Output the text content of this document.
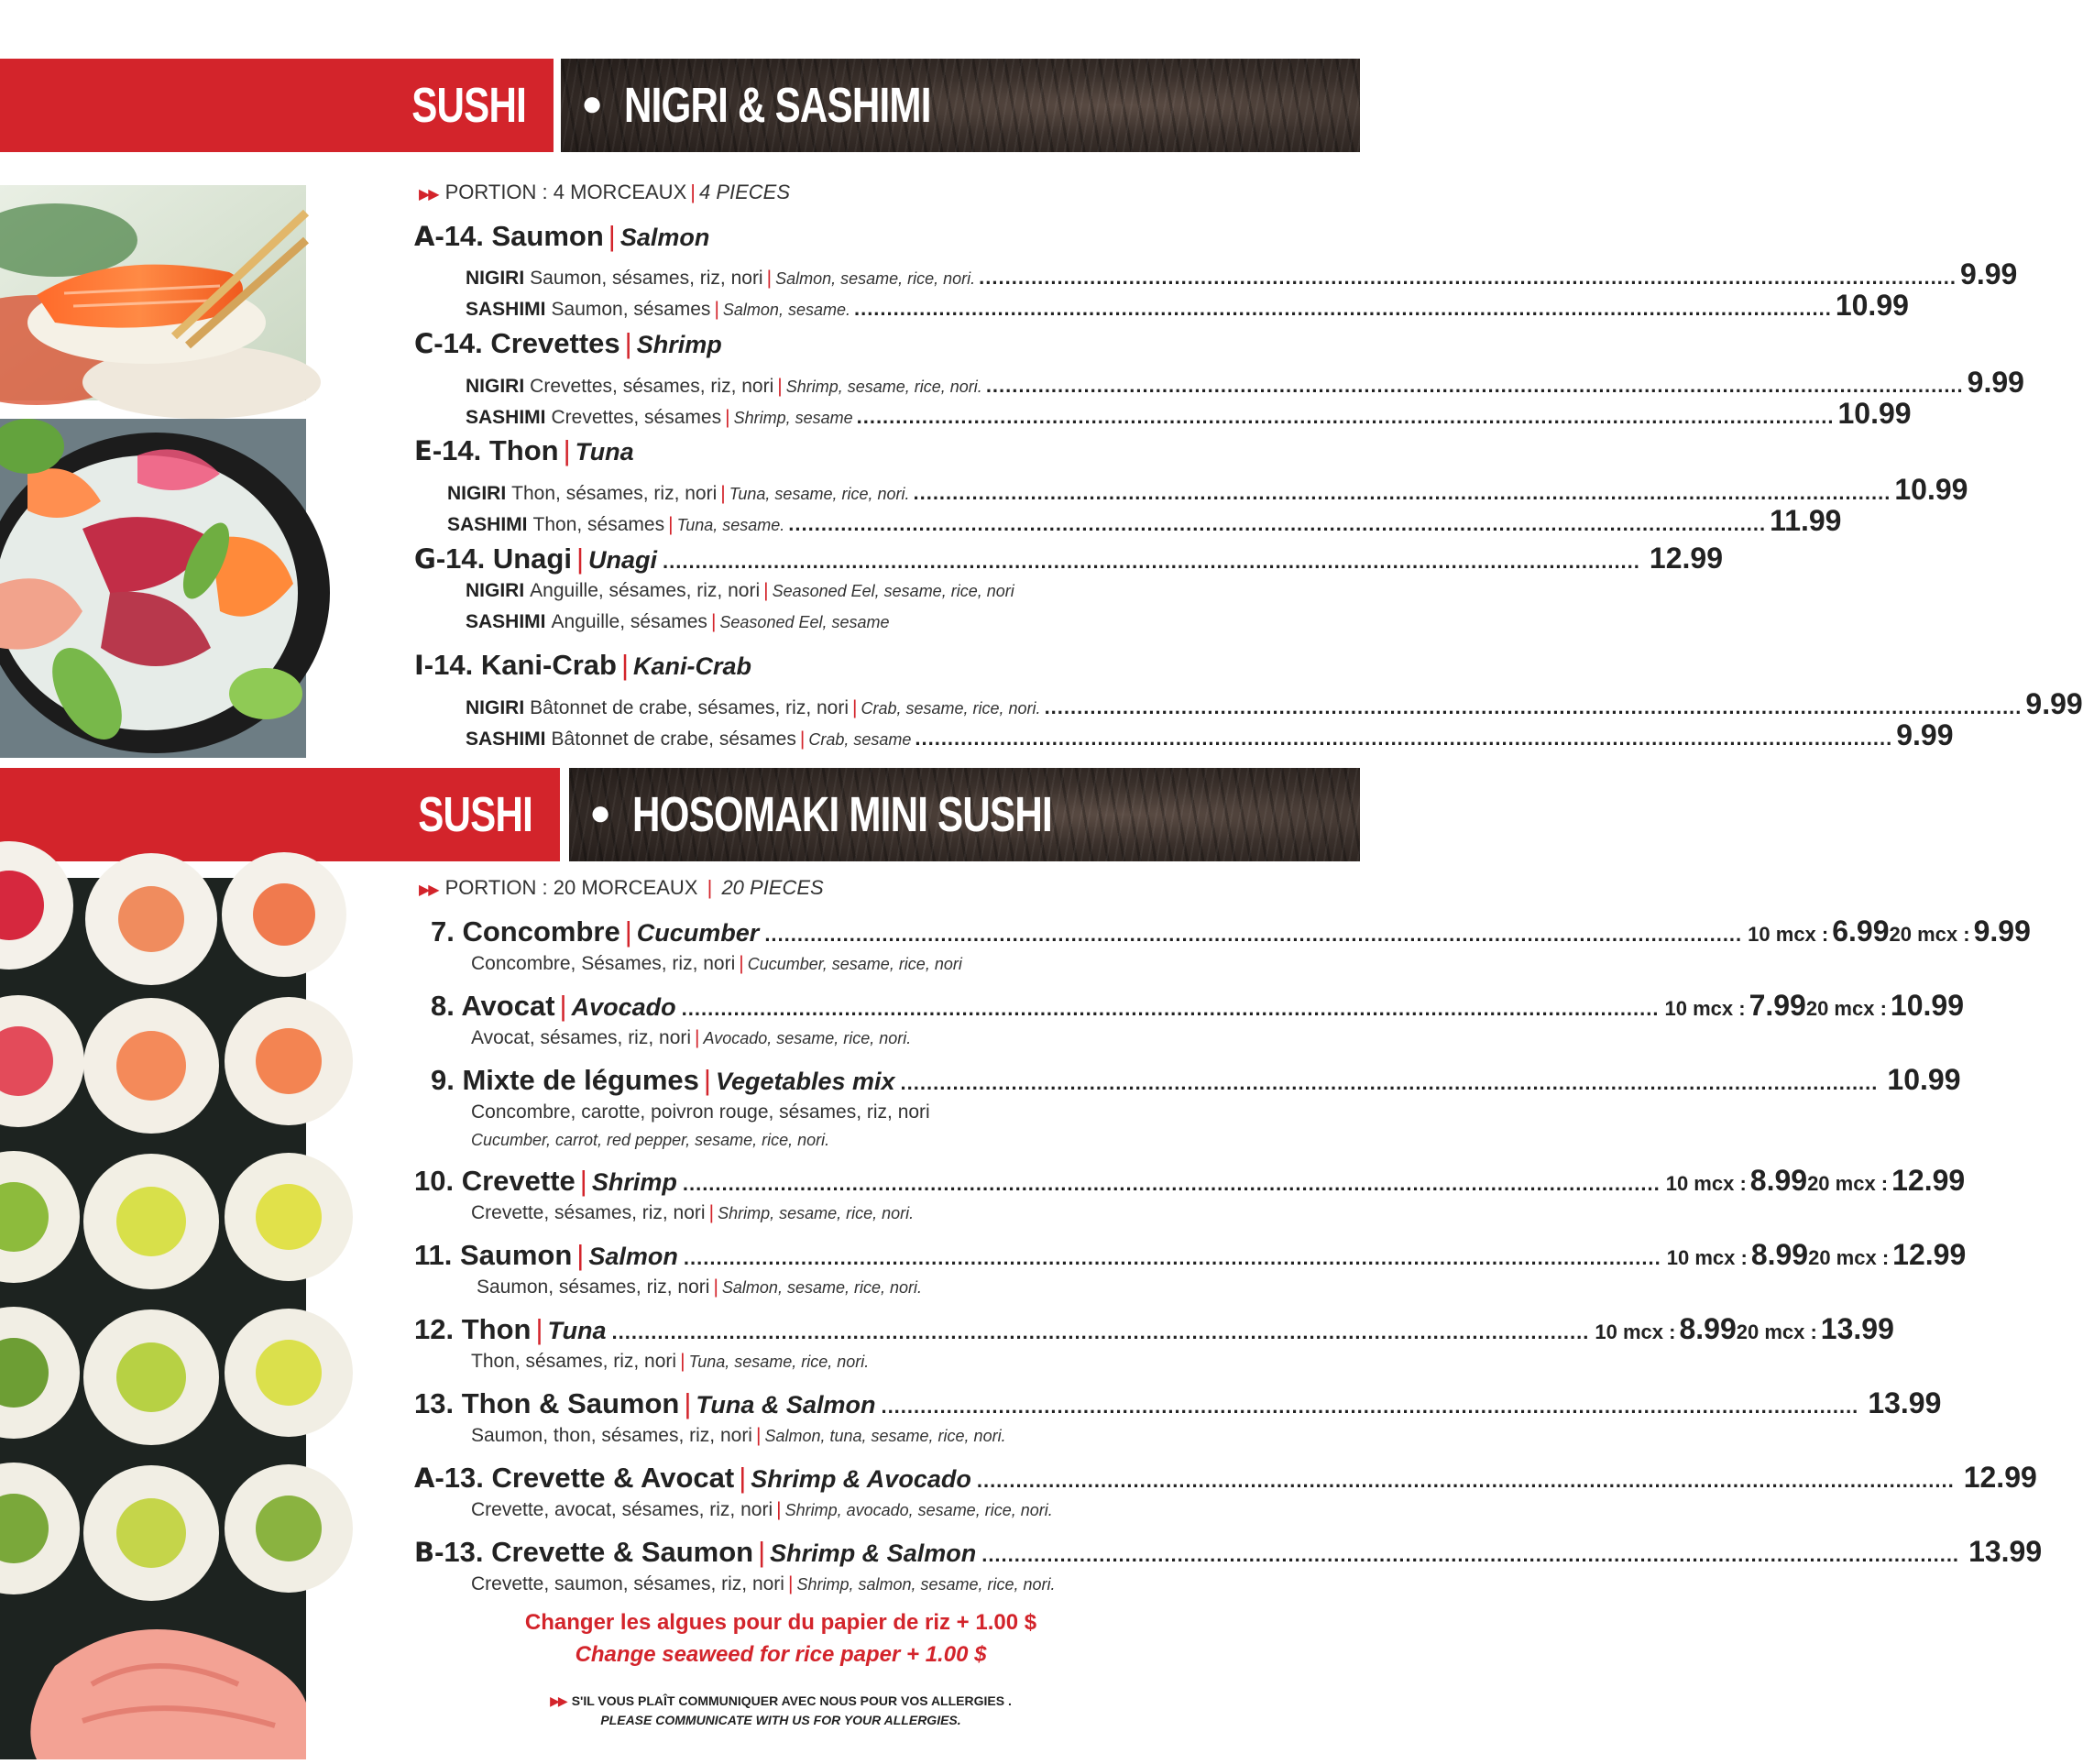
SUSHI ● NIGRI & SASHIMI
▶▶ PORTION : 4 MORCEAUX | 4 PIECES
A -14. Saumon | Salmon
NIGIRI Saumon, sésames, riz, nori | Salmon, sesame, rice, nori. ...................................................................................................................................................... 9.99
SASHIMI Saumon, sésames | Salmon, sesame. ...................................................................................................................................................... 10.99
C -14. Crevettes | Shrimp
NIGIRI Crevettes, sésames, riz, nori | Shrimp, sesame, rice, nori. ...................................................................................................................................................... 9.99
SASHIMI Crevettes, sésames | Shrimp, sesame ...................................................................................................................................................... 10.99
E -14. Thon | Tuna
NIGIRI Thon, sésames, riz, nori | Tuna, sesame, rice, nori. ...................................................................................................................................................... 10.99
SASHIMI Thon, sésames | Tuna, sesame. ...................................................................................................................................................... 11.99
G -14. Unagi | Unagi ...................................................................................................................................................... 12.99
NIGIRI Anguille, sésames, riz, nori | Seasoned Eel, sesame, rice, nori
SASHIMI Anguille, sésames | Seasoned Eel, sesame
I -14. Kani-Crab | Kani-Crab
NIGIRI Bâtonnet de crabe, sésames, riz, nori | Crab, sesame, rice, nori. ...................................................................................................................................................... 9.99
SASHIMI Bâtonnet de crabe, sésames | Crab, sesame ...................................................................................................................................................... 9.99
SUSHI ● HOSOMAKI MINI SUSHI
▶▶ PORTION : 20 MORCEAUX | 20 PIECES
7. Concombre | Cucumber ...................................................................................................................................................... 10 mcx : 6.99 20 mcx : 9.99
Concombre, Sésames, riz, nori | Cucumber, sesame, rice, nori
8. Avocat | Avocado ...................................................................................................................................................... 10 mcx : 7.99 20 mcx : 10.99
Avocat, sésames, riz, nori | Avocado, sesame, rice, nori.
9. Mixte de légumes | Vegetables mix ...................................................................................................................................................... 10.99
Concombre, carotte, poivron rouge, sésames, riz, nori
Cucumber, carrot, red pepper, sesame, rice, nori.
10. Crevette | Shrimp ...................................................................................................................................................... 10 mcx : 8.99 20 mcx : 12.99
Crevette, sésames, riz, nori | Shrimp, sesame, rice, nori.
11. Saumon | Salmon ...................................................................................................................................................... 10 mcx : 8.99 20 mcx : 12.99
Saumon, sésames, riz, nori | Salmon, sesame, rice, nori.
12. Thon | Tuna ...................................................................................................................................................... 10 mcx : 8.99 20 mcx : 13.99
Thon, sésames, riz, nori | Tuna, sesame, rice, nori.
13. Thon & Saumon | Tuna & Salmon ...................................................................................................................................................... 13.99
Saumon, thon, sésames, riz, nori | Salmon, tuna, sesame, rice, nori.
A -13. Crevette & Avocat | Shrimp & Avocado ...................................................................................................................................................... 12.99
Crevette, avocat, sésames, riz, nori | Shrimp, avocado, sesame, rice, nori.
B -13. Crevette & Saumon | Shrimp & Salmon ...................................................................................................................................................... 13.99
Crevette, saumon, sésames, riz, nori | Shrimp, salmon, sesame, rice, nori.
Changer les algues pour du papier de riz + 1.00 $
Change seaweed for rice paper + 1.00 $
▶▶ S'IL VOUS PLAÎT COMMUNIQUER AVEC NOUS POUR VOS ALLERGIES .
PLEASE COMMUNICATE WITH US FOR YOUR ALLERGIES.
